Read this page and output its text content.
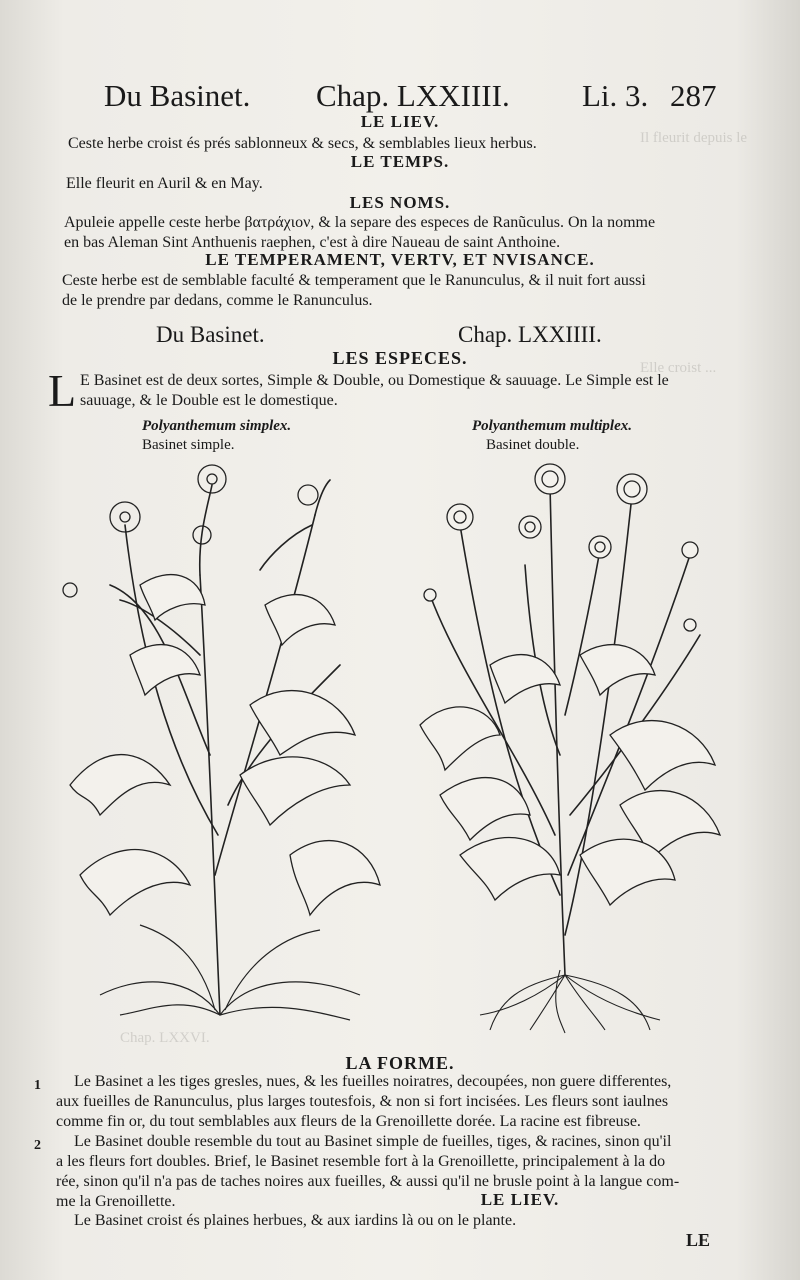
Il fleurit depuis le
Elle croist ...
Chap. LXXVI.
Du Basinet. Chap. LXXIIII. Li. 3. 287
LE LIEV.
Ceste herbe croist és prés sablonneux & secs, & semblables lieux herbus.
LE TEMPS.
Elle fleurit en Auril & en May.
LES NOMS.
Apuleie appelle ceste herbe βατράχιον, & la separe des especes de Ranũculus. On la nomme
en bas Aleman Sint Anthuenis raephen, c'est à dire Naueau de saint Anthoine.
LE TEMPERAMENT, VERTV, ET NVISANCE.
Ceste herbe est de semblable faculté & temperament que le Ranunculus, & il nuit fort aussi
de le prendre par dedans, comme le Ranunculus.
Du Basinet.	Chap. LXXIIII.
LES ESPECES.
L E Basinet est de deux sortes, Simple & Double, ou Domestique & sauuage. Le Simple est le
sauuage, & le Double est le domestique.
Polyanthemum simplex.
Basinet simple.
Polyanthemum multiplex.
Basinet double.
LA FORME.
1
2
Le Basinet a les tiges gresles, nues, & les fueilles noiratres, decoupées, non guere differentes,
aux fueilles de Ranunculus, plus larges toutesfois, & non si fort incisées. Les fleurs sont iaulnes
comme fin or, du tout semblables aux fleurs de la Grenoillette dorée. La racine est fibreuse.
Le Basinet double resemble du tout au Basinet simple de fueilles, tiges, & racines, sinon qu'il
a les fleurs fort doubles. Brief, le Basinet resemble fort à la Grenoillette, principalement à la do
rée, sinon qu'il n'a pas de taches noires aux fueilles, & aussi qu'il ne brusle point à la langue com-
me la Grenoillette.	LE LIEV.
Le Basinet croist és plaines herbues, & aux iardins là ou on le plante.
LE
